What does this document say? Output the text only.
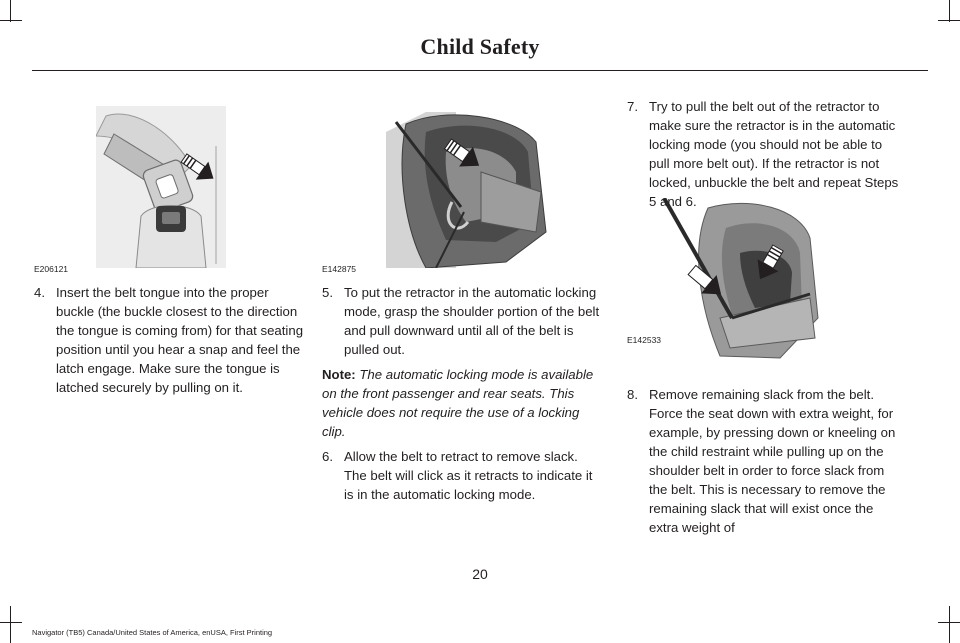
Child Safety
E206121	E142875
E142533
4. Insert the belt tongue into the proper buckle (the buckle closest to the direction the tongue is coming from) for that seating position until you hear a snap and feel the latch engage. Make sure the tongue is latched securely by pulling on it.
5. To put the retractor in the automatic locking mode, grasp the shoulder portion of the belt and pull downward until all of the belt is pulled out.
Note: The automatic locking mode is available on the front passenger and rear seats. This vehicle does not require the use of a locking clip.
6. Allow the belt to retract to remove slack. The belt will click as it retracts to indicate it is in the automatic locking mode.
7. Try to pull the belt out of the retractor to make sure the retractor is in the automatic locking mode (you should not be able to pull more belt out). If the retractor is not locked, unbuckle the belt and repeat Steps 5 and 6.
8. Remove remaining slack from the belt. Force the seat down with extra weight, for example, by pressing down or kneeling on the child restraint while pulling up on the shoulder belt in order to force slack from the belt. This is necessary to remove the remaining slack that will exist once the extra weight of
20
Navigator (TB5) Canada/United States of America, enUSA, First Printing
